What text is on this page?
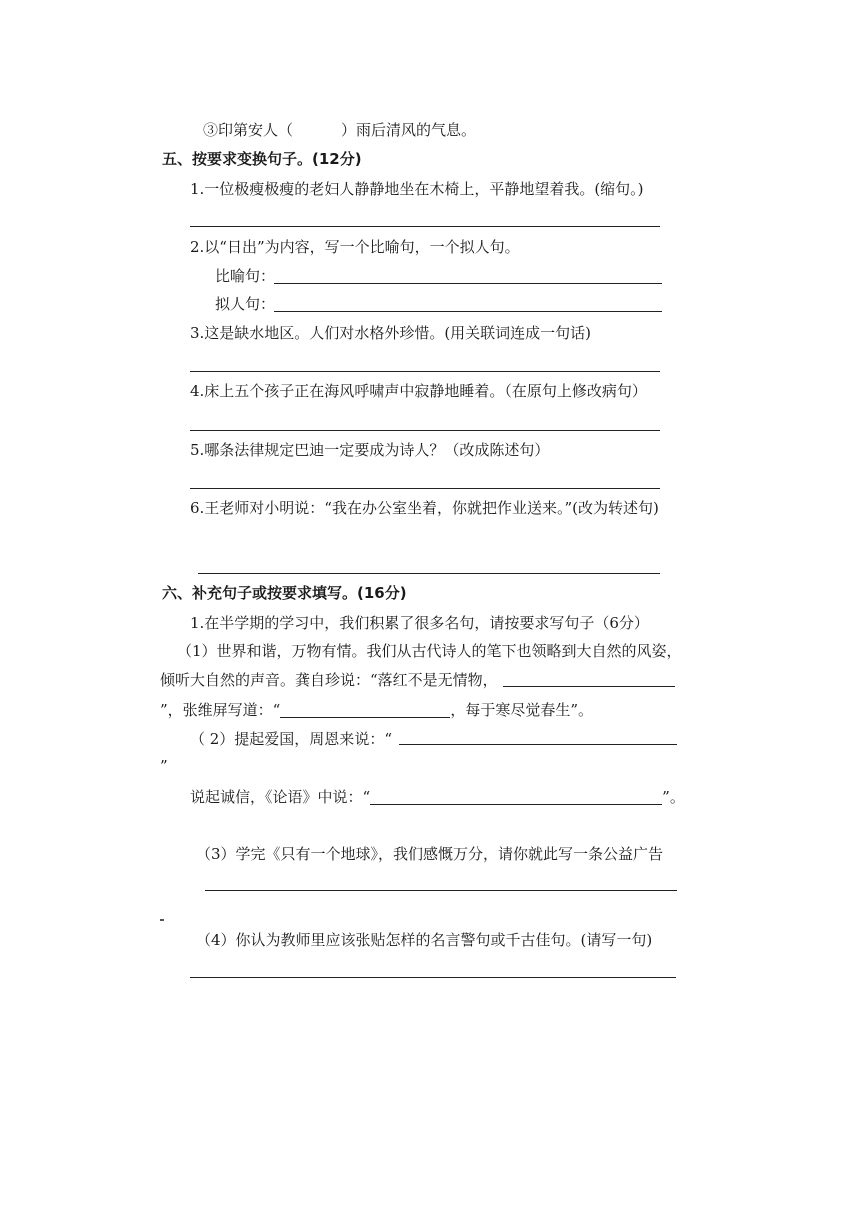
③印第安人（	）雨后清风的气息。
五、按要求变换句子。(12分)
1.一位极瘦极瘦的老妇人静静地坐在木椅上，平静地望着我。(缩句。)
2.以“日出”为内容，写一个比喻句，一个拟人句。
比喻句：
拟人句：
3.这是缺水地区。人们对水格外珍惜。(用关联词连成一句话)
4.床上五个孩子正在海风呼啸声中寂静地睡着。（在原句上修改病句）
5.哪条法律规定巴迪一定要成为诗人？（改成陈述句）
6.王老师对小明说：“我在办公室坐着，你就把作业送来。”(改为转述句)
六、补充句子或按要求填写。(16分)
1.在半学期的学习中，我们积累了很多名句，请按要求写句子（6分）
（1）世界和谐，万物有情。我们从古代诗人的笔下也领略到大自然的风姿，
倾听大自然的声音。龚自珍说：“落红不是无情物，
”，张维屏写道：“	，每于寒尽觉春生”。
（ 2）提起爱国，周恩来说：“
”
说起诚信，《论语》中说：“	”。
（3）学完《只有一个地球》，我们感慨万分，请你就此写一条公益广告
（4）你认为教师里应该张贴怎样的名言警句或千古佳句。(请写一句)
